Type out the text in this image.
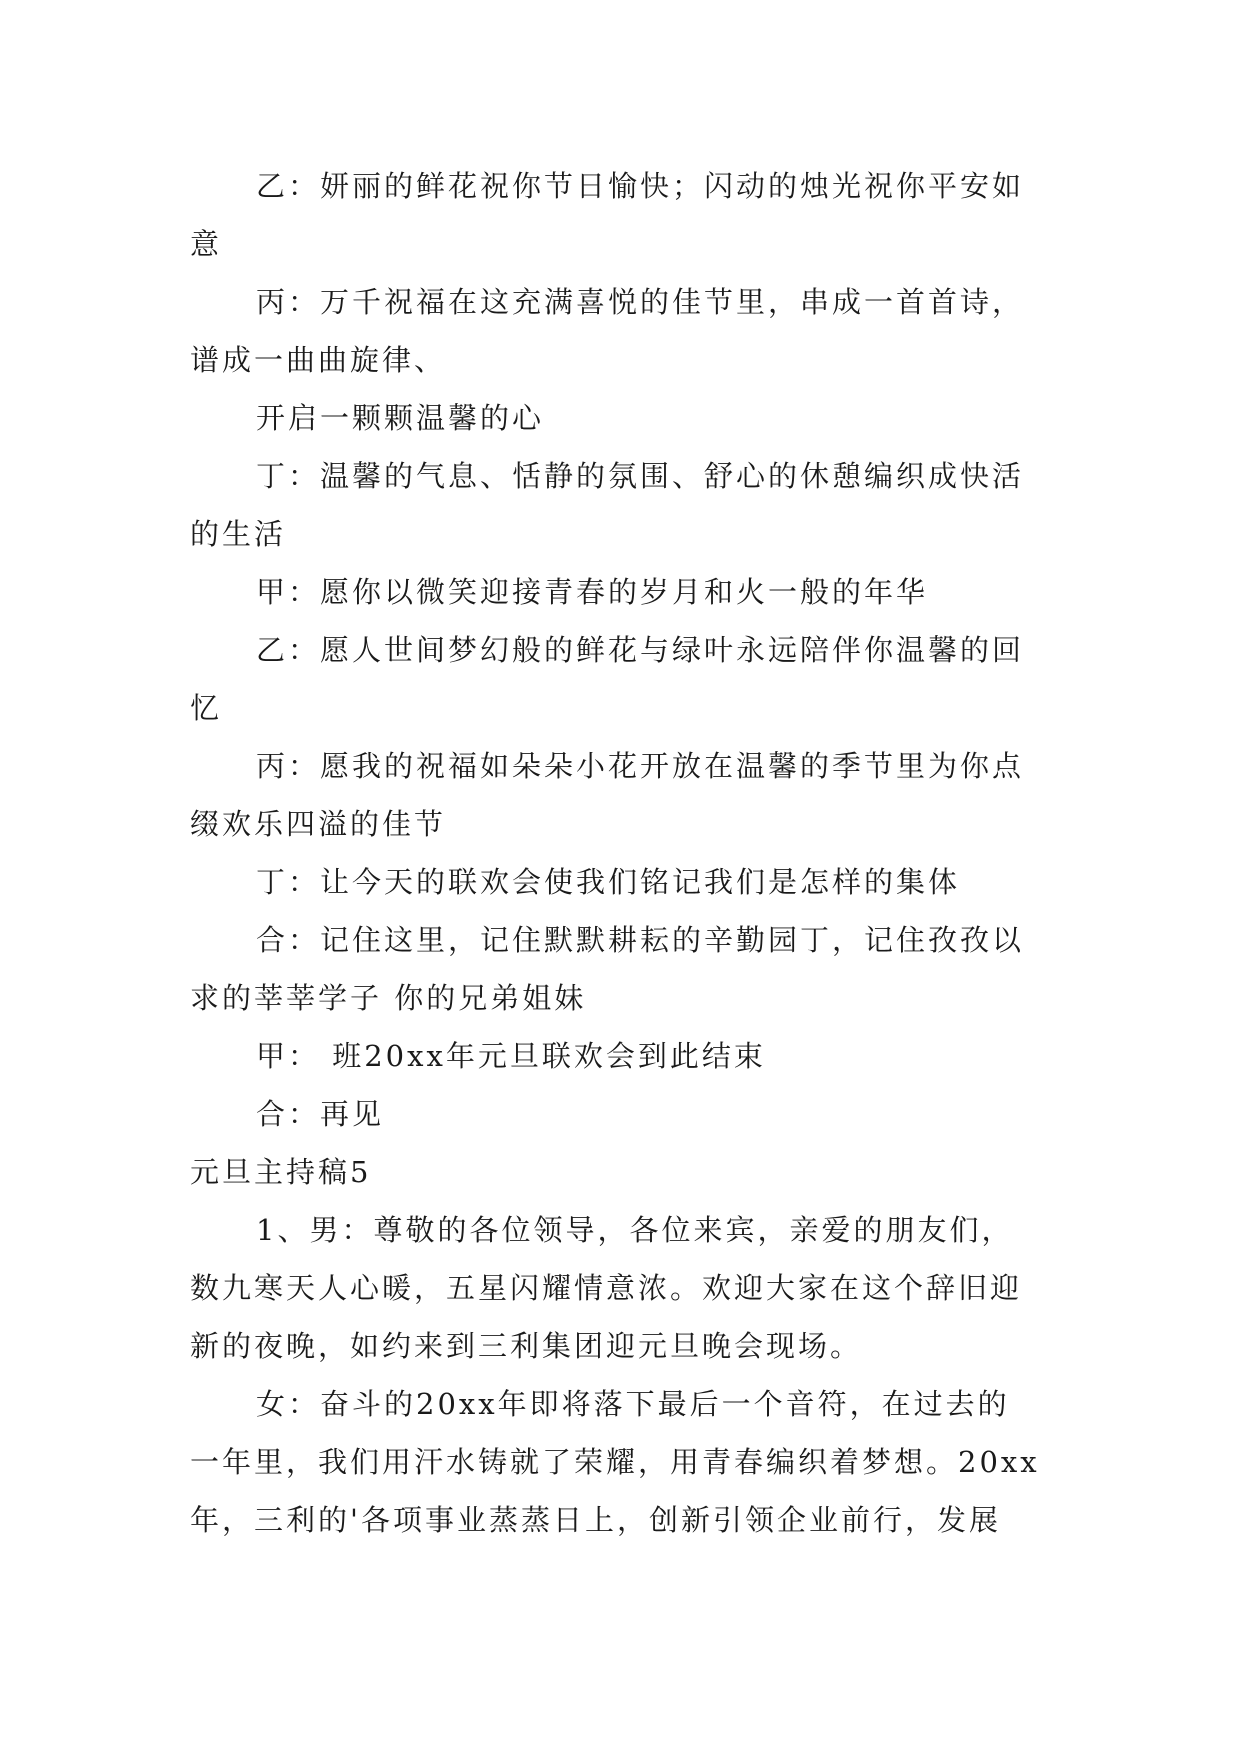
乙：妍丽的鲜花祝你节日愉快；闪动的烛光祝你平安如
意
丙：万千祝福在这充满喜悦的佳节里，串成一首首诗，
谱成一曲曲旋律、
开启一颗颗温馨的心
丁：温馨的气息、恬静的氛围、舒心的休憩编织成快活
的生活
甲：愿你以微笑迎接青春的岁月和火一般的年华
乙：愿人世间梦幻般的鲜花与绿叶永远陪伴你温馨的回
忆
丙：愿我的祝福如朵朵小花开放在温馨的季节里为你点
缀欢乐四溢的佳节
丁：让今天的联欢会使我们铭记我们是怎样的集体
合：记住这里，记住默默耕耘的辛勤园丁，记住孜孜以
求的莘莘学子 你的兄弟姐妹
甲： 班20xx年元旦联欢会到此结束
合：再见
元旦主持稿5
1、男：尊敬的各位领导，各位来宾，亲爱的朋友们，
数九寒天人心暖，五星闪耀情意浓。欢迎大家在这个辞旧迎
新的夜晚，如约来到三利集团迎元旦晚会现场。
女：奋斗的20xx年即将落下最后一个音符，在过去的
一年里，我们用汗水铸就了荣耀，用青春编织着梦想。20xx
年，三利的'各项事业蒸蒸日上，创新引领企业前行，发展
